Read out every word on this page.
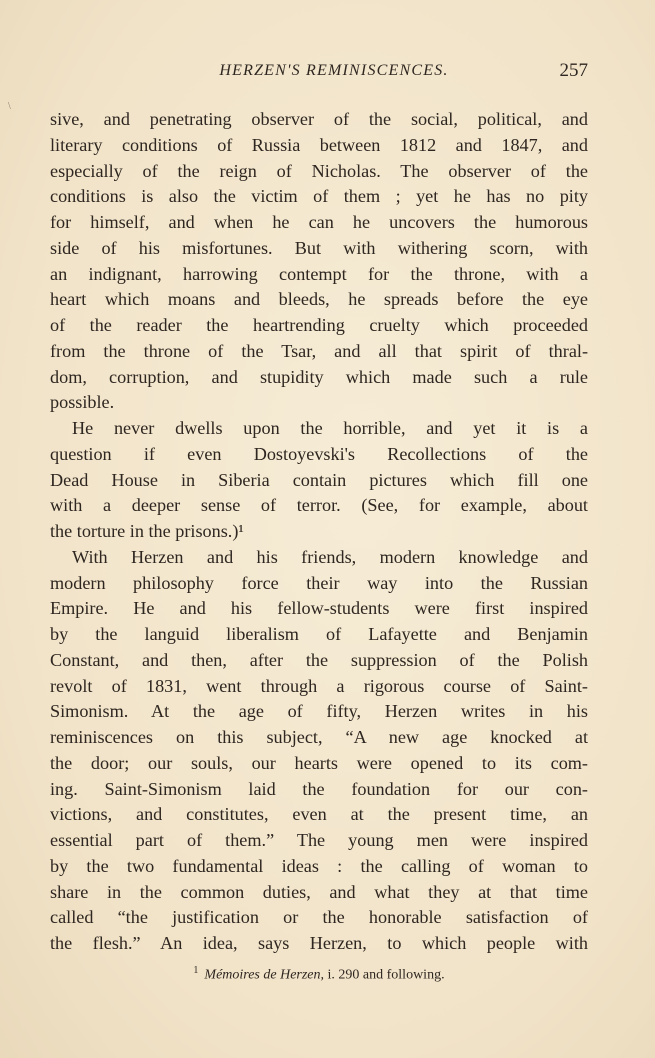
\
HERZEN'S REMINISCENCES.	257
sive, and penetrating observer of the social, political, and
literary conditions of Russia between 1812 and 1847, and
especially of the reign of Nicholas. The observer of the
conditions is also the victim of them ; yet he has no pity
for himself, and when he can he uncovers the humorous
side of his misfortunes. But with withering scorn, with
an indignant, harrowing contempt for the throne, with a
heart which moans and bleeds, he spreads before the eye
of the reader the heartrending cruelty which proceeded
from the throne of the Tsar, and all that spirit of thral-
dom, corruption, and stupidity which made such a rule
possible.
He never dwells upon the horrible, and yet it is a
question if even Dostoyevski's Recollections of the
Dead House in Siberia contain pictures which fill one
with a deeper sense of terror. (See, for example, about
the torture in the prisons.)¹
With Herzen and his friends, modern knowledge and
modern philosophy force their way into the Russian
Empire. He and his fellow-students were first inspired
by the languid liberalism of Lafayette and Benjamin
Constant, and then, after the suppression of the Polish
revolt of 1831, went through a rigorous course of Saint-
Simonism. At the age of fifty, Herzen writes in his
reminiscences on this subject, “A new age knocked at
the door; our souls, our hearts were opened to its com-
ing. Saint-Simonism laid the foundation for our con-
victions, and constitutes, even at the present time, an
essential part of them.” The young men were inspired
by the two fundamental ideas : the calling of woman to
share in the common duties, and what they at that time
called “the justification or the honorable satisfaction of
the flesh.” An idea, says Herzen, to which people with
$^1$ Mémoires de Herzen, i. 290 and following.
